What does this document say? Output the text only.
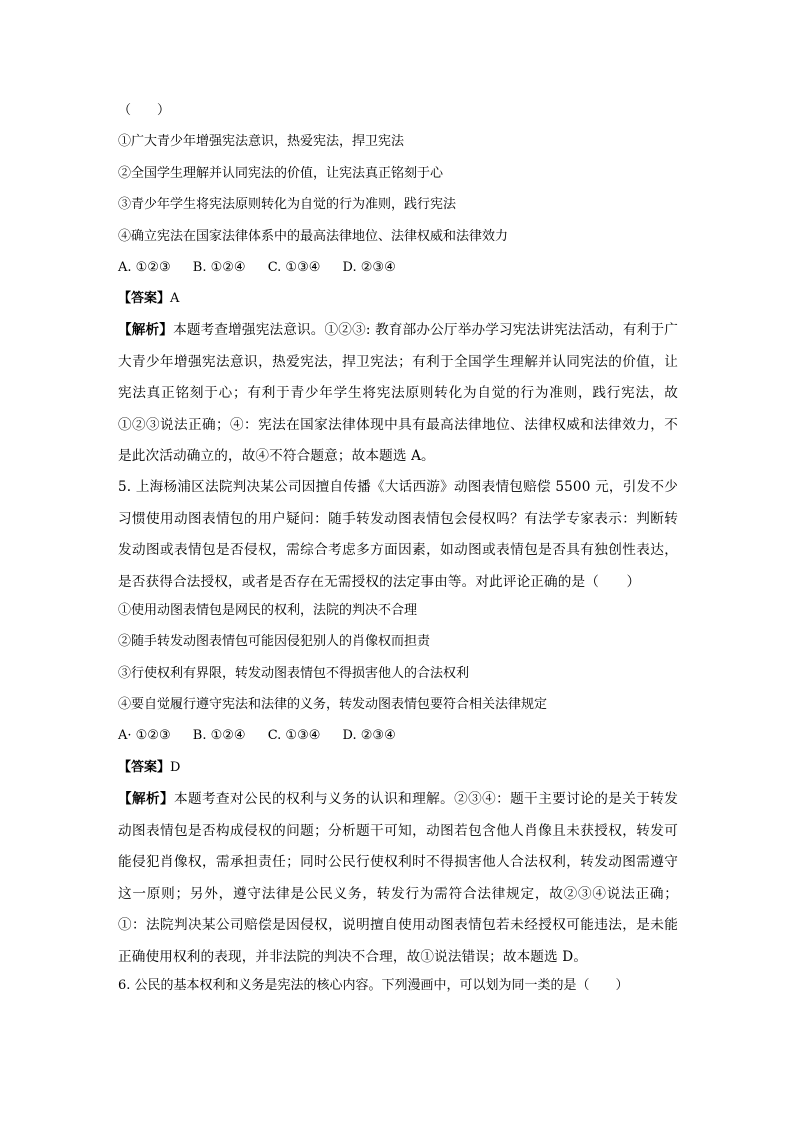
（　　）
①广大青少年增强宪法意识，热爱宪法，捍卫宪法
②全国学生理解并认同宪法的价值，让宪法真正铭刻于心
③青少年学生将宪法原则转化为自觉的行为准则，践行宪法
④确立宪法在国家法律体系中的最高法律地位、法律权威和法律效力
A. ①②③ B. ①②④ C. ①③④ D. ②③④
【答案】A
【解析】本题考查增强宪法意识。①②③: 教育部办公厅举办学习宪法讲宪法活动，有利于广大青少年增强宪法意识，热爱宪法，捍卫宪法；有利于全国学生理解并认同宪法的价值，让宪法真正铭刻于心；有利于青少年学生将宪法原则转化为自觉的行为准则，践行宪法，故①②③说法正确；④：宪法在国家法律体现中具有最高法律地位、法律权威和法律效力，不是此次活动确立的，故④不符合题意；故本题选 A。
5. 上海杨浦区法院判决某公司因擅自传播《大话西游》动图表情包赔偿 5500 元，引发不少习惯使用动图表情包的用户疑问：随手转发动图表情包会侵权吗？有法学专家表示：判断转发动图或表情包是否侵权，需综合考虑多方面因素，如动图或表情包是否具有独创性表达，是否获得合法授权，或者是否存在无需授权的法定事由等。对此评论正确的是（　　）
①使用动图表情包是网民的权利，法院的判决不合理
②随手转发动图表情包可能因侵犯别人的肖像权而担责
③行使权利有界限，转发动图表情包不得损害他人的合法权利
④要自觉履行遵守宪法和法律的义务，转发动图表情包要符合相关法律规定
A· ①②③ B. ①②④ C. ①③④ D. ②③④
【答案】D
【解析】本题考查对公民的权利与义务的认识和理解。②③④：题干主要讨论的是关于转发动图表情包是否构成侵权的问题；分析题干可知，动图若包含他人肖像且未获授权，转发可能侵犯肖像权，需承担责任；同时公民行使权利时不得损害他人合法权利，转发动图需遵守这一原则；另外，遵守法律是公民义务，转发行为需符合法律规定，故②③④说法正确；①：法院判决某公司赔偿是因侵权，说明擅自使用动图表情包若未经授权可能违法，是未能正确使用权利的表现，并非法院的判决不合理，故①说法错误；故本题选 D。
6. 公民的基本权利和义务是宪法的核心内容。下列漫画中，可以划为同一类的是（　　）
